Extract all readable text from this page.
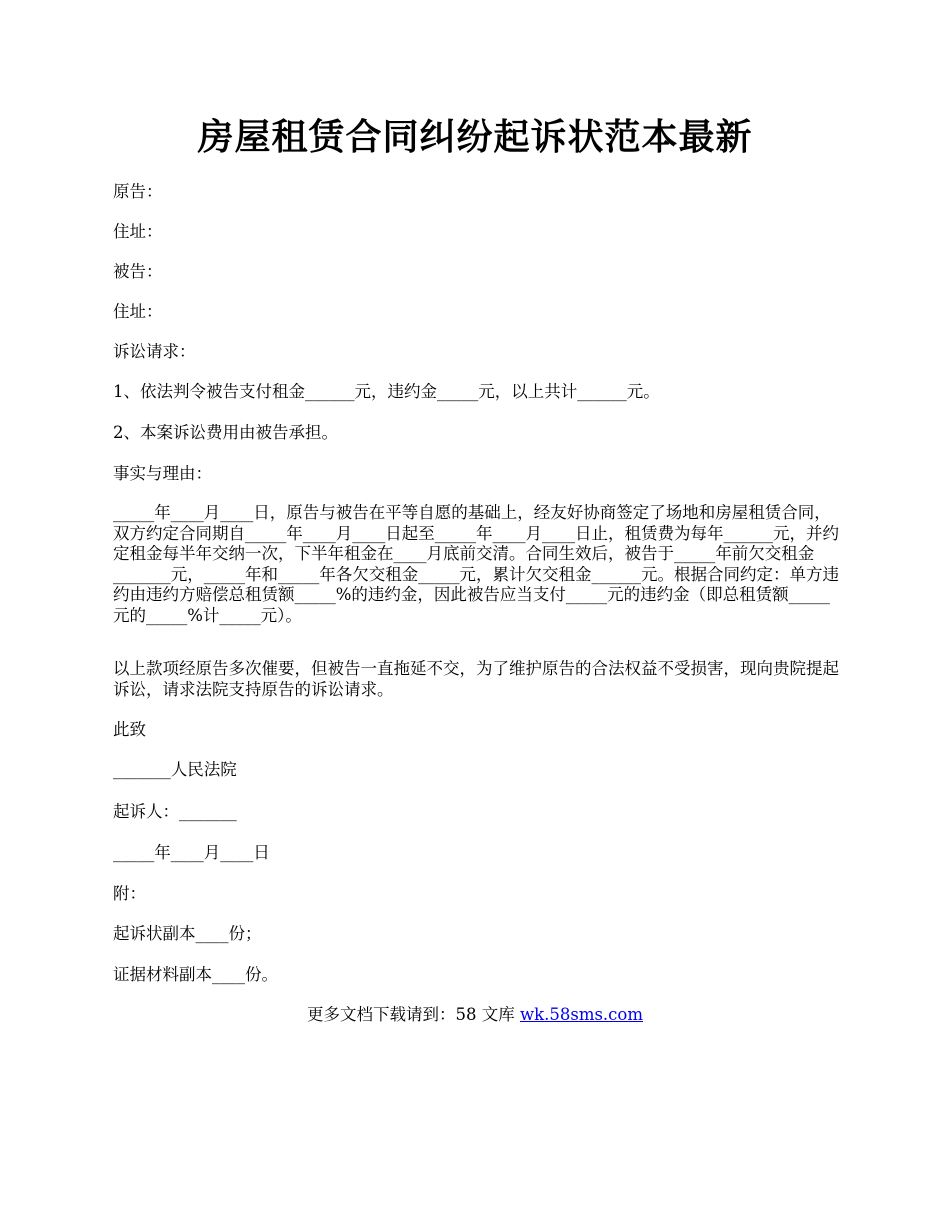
房屋租赁合同纠纷起诉状范本最新
原告：
住址：
被告：
住址：
诉讼请求：
1、依法判令被告支付租金______元，违约金_____元，以上共计______元。
2、本案诉讼费用由被告承担。
事实与理由：
_____年____月____日，原告与被告在平等自愿的基础上，经友好协商签定了场地和房屋租赁合同，双方约定合同期自_____年____月____日起至_____年____月____日止，租赁费为每年______元，并约定租金每半年交纳一次，下半年租金在____月底前交清。合同生效后，被告于_____年前欠交租金_______元，_____年和_____年各欠交租金_____元，累计欠交租金______元。根据合同约定：单方违约由违约方赔偿总租赁额_____%的违约金，因此被告应当支付_____元的违约金（即总租赁额_____元的_____%计_____元）。
以上款项经原告多次催要，但被告一直拖延不交，为了维护原告的合法权益不受损害，现向贵院提起诉讼，请求法院支持原告的诉讼请求。
此致
_______人民法院
起诉人：_______
_____年____月____日
附：
起诉状副本____份；
证据材料副本____份。
更多文档下载请到：58 文库 wk.58sms.com
